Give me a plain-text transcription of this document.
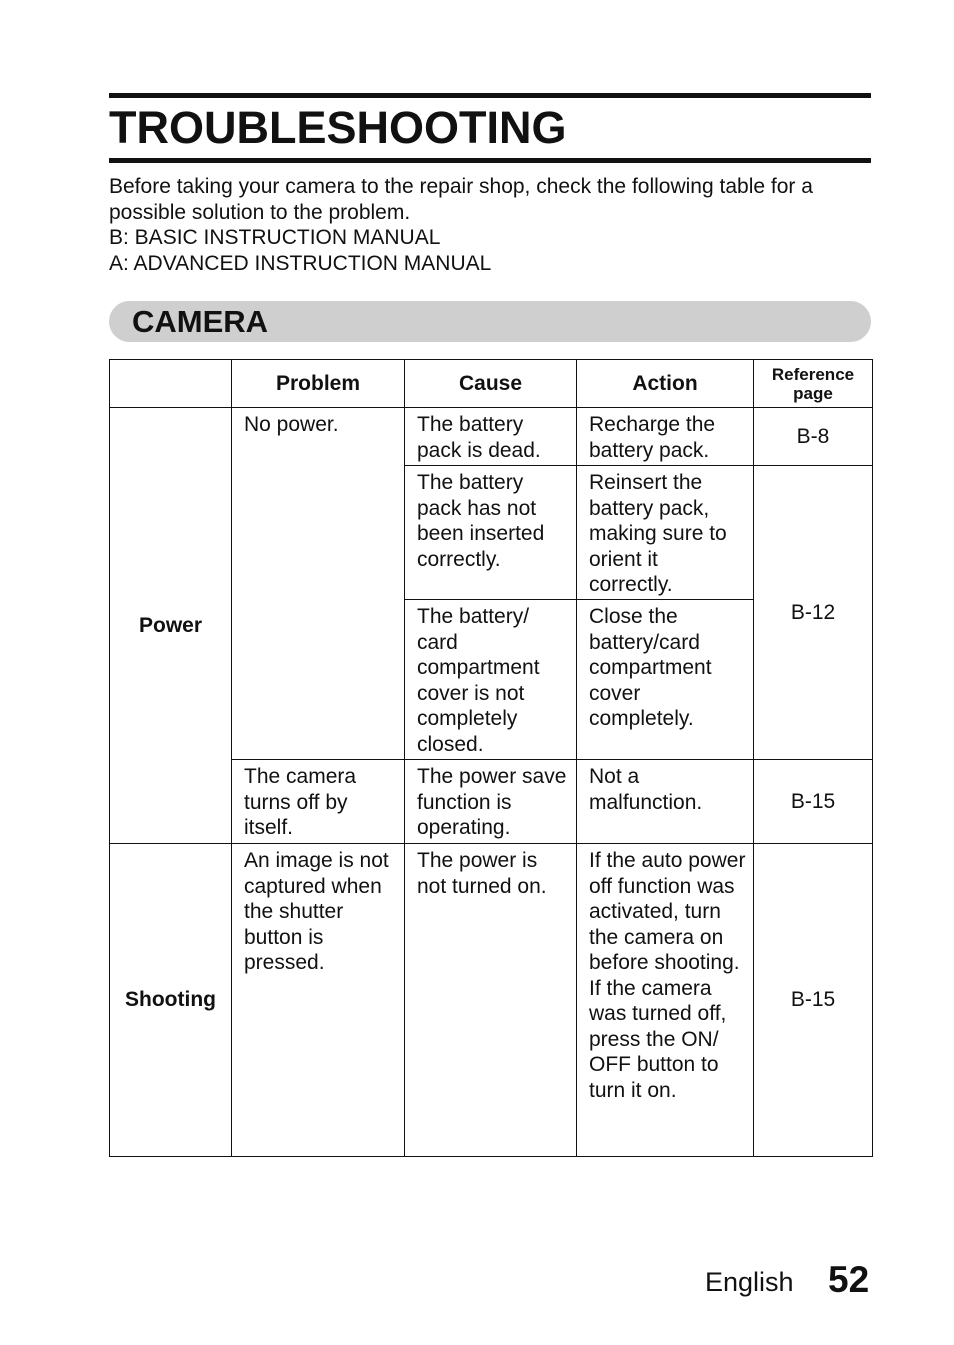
TROUBLESHOOTING
Before taking your camera to the repair shop, check the following table for a
possible solution to the problem.
B: BASIC INSTRUCTION MANUAL
A: ADVANCED INSTRUCTION MANUAL
CAMERA
	Problem	Cause	Action	Reference page
Power	No power.	The battery pack is dead.	Recharge the battery pack.	B-8
		The battery pack has not been inserted correctly.	Reinsert the battery pack, making sure to orient it correctly.	B-12
		The battery/ card compartment cover is not completely closed.	Close the battery/card compartment cover completely.	
	The camera turns off by itself.	The power save function is operating.	Not a malfunction.	B-15
Shooting	An image is not captured when the shutter button is pressed.	The power is not turned on.	If the auto power off function was activated, turn the camera on before shooting. If the camera was turned off, press the ON/ OFF button to turn it on.	B-15
English 52
